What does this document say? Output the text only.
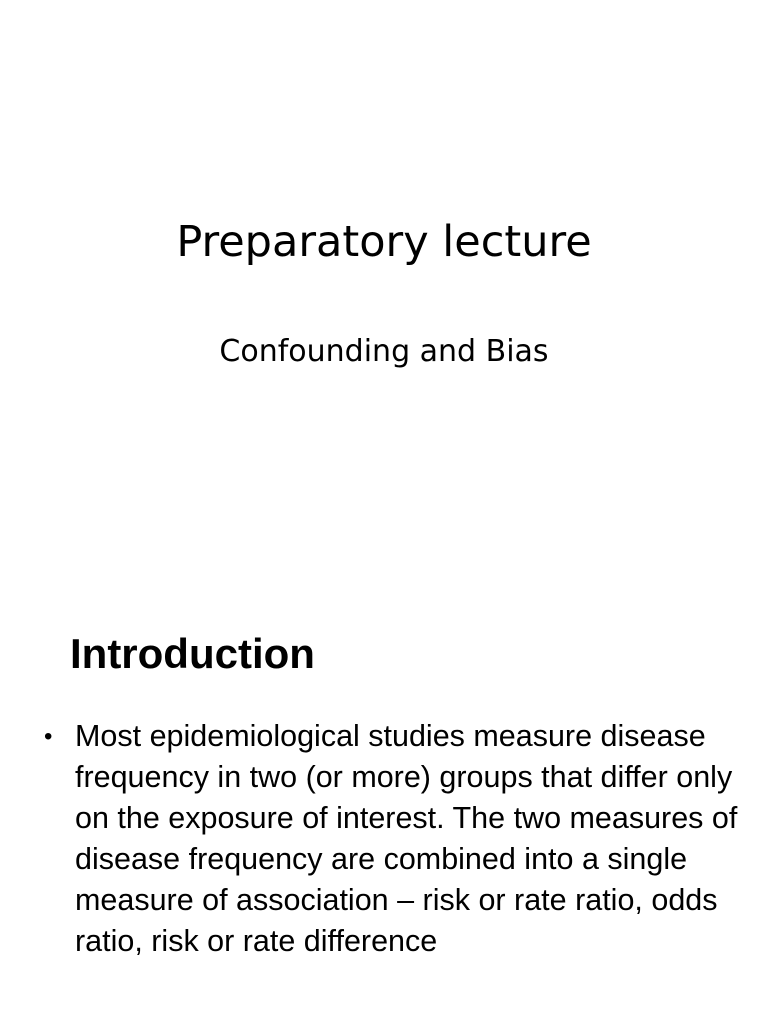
Preparatory lecture
Confounding and Bias
Introduction
• Most epidemiological studies measure disease frequency in two (or more) groups that differ only on the exposure of interest. The two measures of disease frequency are combined into a single measure of association – risk or rate ratio, odds ratio, risk or rate difference
